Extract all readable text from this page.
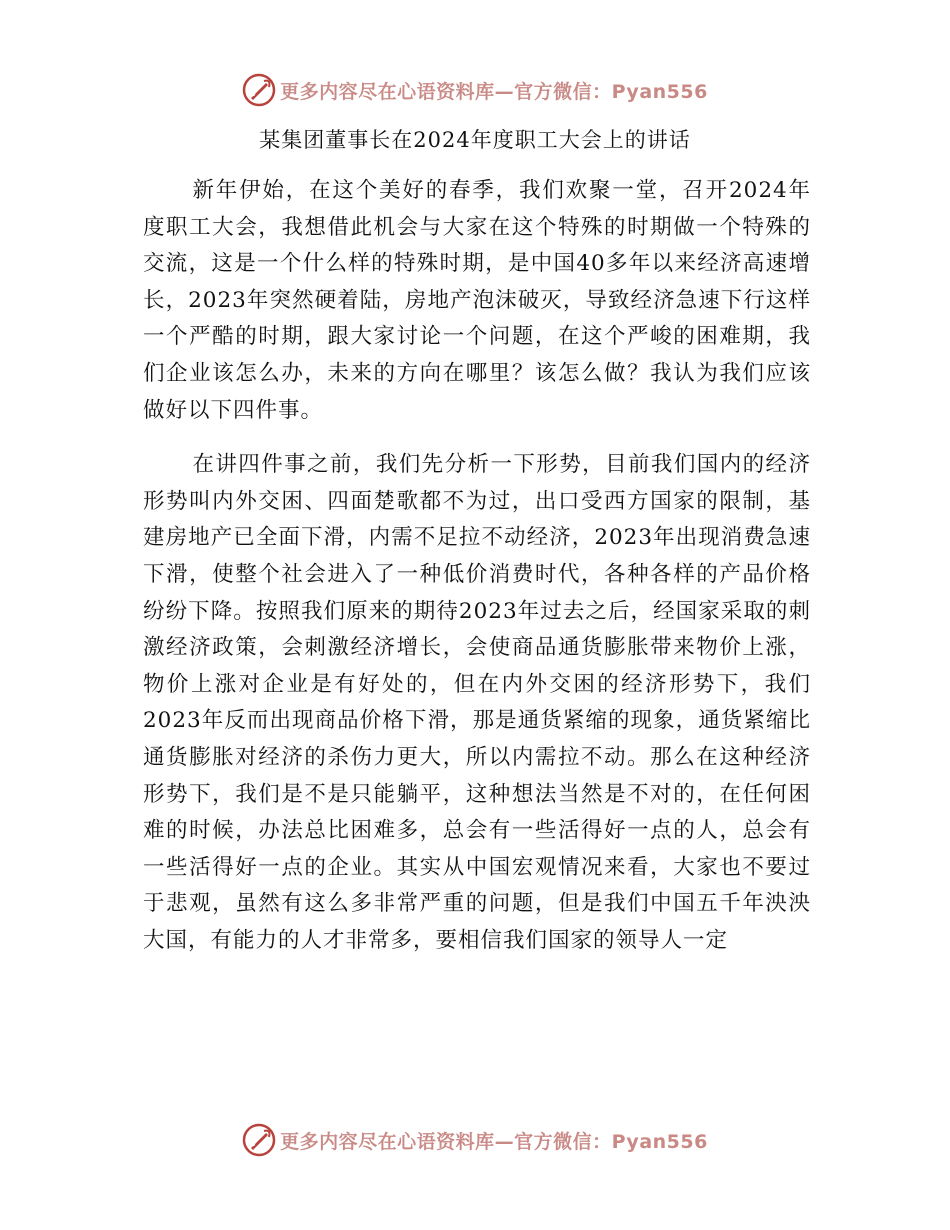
更多内容尽在心语资料库—官方微信：Pyan556
某集团董事长在2024年度职工大会上的讲话

新年伊始，在这个美好的春季，我们欢聚一堂，召开2024年度职工大会，我想借此机会与大家在这个特殊的时期做一个特殊的交流，这是一个什么样的特殊时期，是中国40多年以来经济高速增长，2023年突然硬着陆，房地产泡沫破灭，导致经济急速下行这样一个严酷的时期，跟大家讨论一个问题，在这个严峻的困难期，我们企业该怎么办，未来的方向在哪里？该怎么做？我认为我们应该做好以下四件事。

在讲四件事之前，我们先分析一下形势，目前我们国内的经济形势叫内外交困、四面楚歌都不为过，出口受西方国家的限制，基建房地产已全面下滑，内需不足拉不动经济，2023年出现消费急速下滑，使整个社会进入了一种低价消费时代，各种各样的产品价格纷纷下降。按照我们原来的期待2023年过去之后，经国家采取的刺激经济政策，会刺激经济增长，会使商品通货膨胀带来物价上涨，物价上涨对企业是有好处的，但在内外交困的经济形势下，我们2023年反而出现商品价格下滑，那是通货紧缩的现象，通货紧缩比通货膨胀对经济的杀伤力更大，所以内需拉不动。那么在这种经济形势下，我们是不是只能躺平，这种想法当然是不对的，在任何困难的时候，办法总比困难多，总会有一些活得好一点的人，总会有一些活得好一点的企业。其实从中国宏观情况来看，大家也不要过于悲观，虽然有这么多非常严重的问题，但是我们中国五千年泱泱大国，有能力的人才非常多，要相信我们国家的领导人一定

更多内容尽在心语资料库—官方微信：Pyan556
